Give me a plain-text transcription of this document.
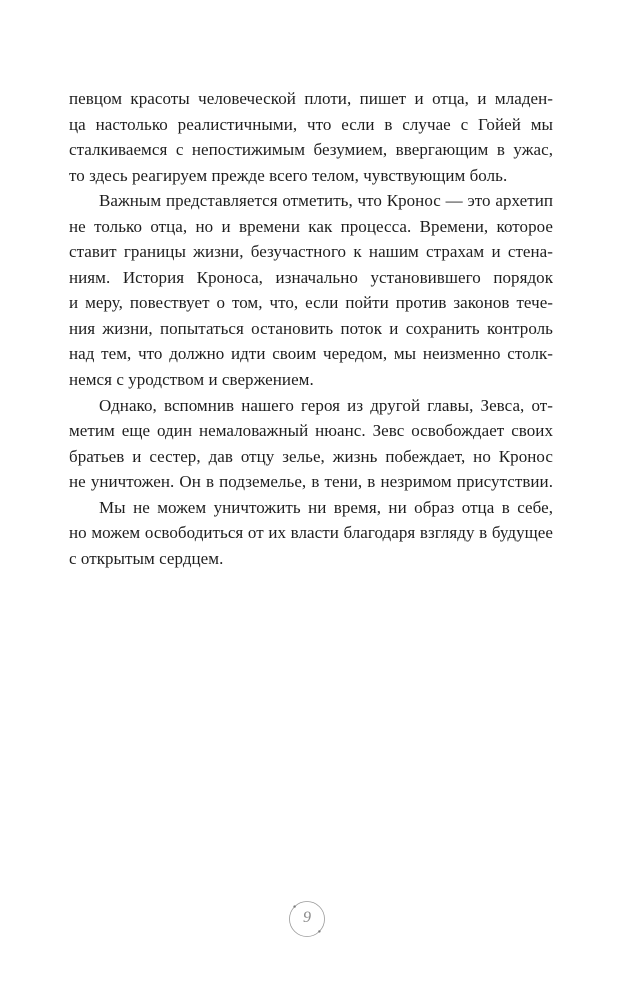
певцом красоты человеческой плоти, пишет и отца, и младен-
ца настолько реалистичными, что если в случае с Гойей мы
сталкиваемся с непостижимым безумием, ввергающим в ужас,
то здесь реагируем прежде всего телом, чувствующим боль.
Важным представляется отметить, что Кронос — это архетип
не только отца, но и времени как процесса. Времени, которое
ставит границы жизни, безучастного к нашим страхам и стена-
ниям. История Кроноса, изначально установившего порядок
и меру, повествует о том, что, если пойти против законов тече-
ния жизни, попытаться остановить поток и сохранить контроль
над тем, что должно идти своим чередом, мы неизменно столк-
немся с уродством и свержением.
Однако, вспомнив нашего героя из другой главы, Зевса, от-
метим еще один немаловажный нюанс. Зевс освобождает своих
братьев и сестер, дав отцу зелье, жизнь побеждает, но Кронос
не уничтожен. Он в подземелье, в тени, в незримом присутствии.
Мы не можем уничтожить ни время, ни образ отца в себе,
но можем освободиться от их власти благодаря взгляду в будущее
с открытым сердцем.
9
